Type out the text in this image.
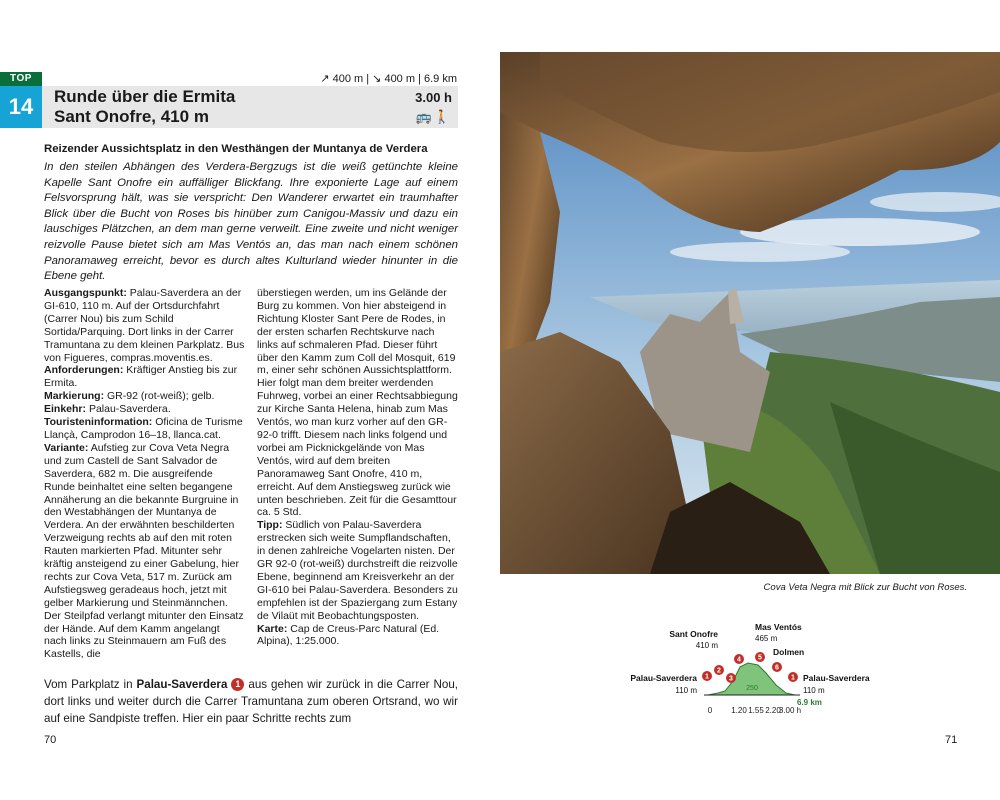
TOP
14
↗ 400 m | ↘ 400 m | 6.9 km
Runde über die Ermita
Sant Onofre, 410 m
3.00 h
🚌🚶
Reizender Aussichtsplatz in den Westhängen der Muntanya de Verdera
In den steilen Abhängen des Verdera-Bergzugs ist die weiß getünchte kleine Kapelle Sant Onofre ein auffälliger Blickfang. Ihre exponierte Lage auf einem Felsvorsprung hält, was sie verspricht: Den Wanderer erwartet ein traumhafter Blick über die Bucht von Roses bis hinüber zum Canigou-Massiv und dazu ein lauschiges Plätzchen, an dem man gerne verweilt. Eine zweite und nicht weniger reizvolle Pause bietet sich am Mas Ventós an, das man nach einem schönen Panoramaweg erreicht, bevor es durch altes Kulturland wieder hinunter in die Ebene geht.

Ausgangspunkt: Palau-Saverdera an der GI-610, 110 m. Auf der Ortsdurchfahrt (Carrer Nou) bis zum Schild Sortida/Parquing. Dort links in der Carrer Tramuntana zu dem kleinen Parkplatz. Bus von Figueres, compras.moventis.es.

Anforderungen: Kräftiger Anstieg bis zur Ermita.

Markierung: GR-92 (rot-weiß); gelb.

Einkehr: Palau-Saverdera.

Touristeninformation: Oficina de Turisme Llançà, Camprodon 16–18, llanca.cat.

Variante: Aufstieg zur Cova Veta Negra und zum Castell de Sant Salvador de Saverdera, 682 m. Die ausgreifende Runde beinhaltet eine selten begangene Annäherung an die bekannte Burgruine in den Westabhängen der Muntanya de Verdera. An der erwähnten beschilderten Verzweigung rechts ab auf den mit roten Rauten markierten Pfad. Mitunter sehr kräftig ansteigend zu einer Gabelung, hier rechts zur Cova Veta, 517 m. Zurück am Aufstiegsweg geradeaus hoch, jetzt mit gelber Markierung und Steinmännchen. Der Steilpfad verlangt mitunter den Einsatz der Hände. Auf dem Kamm angelangt nach links zu Steinmauern am Fuß des Kastells, die

überstiegen werden, um ins Gelände der Burg zu kommen. Von hier absteigend in Richtung Kloster Sant Pere de Rodes, in der ersten scharfen Rechtskurve nach links auf schmaleren Pfad. Dieser führt über den Kamm zum Coll del Mosquit, 619 m, einer sehr schönen Aussichtsplattform. Hier folgt man dem breiter werdenden Fuhrweg, vorbei an einer Rechtsabbiegung zur Kirche Santa Helena, hinab zum Mas Ventós, wo man kurz vorher auf den GR-92-0 trifft. Diesem nach links folgend und vorbei am Picknickgelände von Mas Ventós, wird auf dem breiten Panoramaweg Sant Onofre, 410 m, erreicht. Auf dem Anstiegsweg zurück wie unten beschrieben. Zeit für die Gesamttour ca. 5 Std.

Tipp: Südlich von Palau-Saverdera erstrecken sich weite Sumpflandschaften, in denen zahlreiche Vogelarten nisten. Der GR 92-0 (rot-weiß) durchstreift die reizvolle Ebene, beginnend am Kreisverkehr an der GI-610 bei Palau-Saverdera. Besonders zu empfehlen ist der Spaziergang zum Estany de Vilaüt mit Beobachtungsposten.

Karte: Cap de Creus-Parc Natural (Ed. Alpina), 1:25.000.

Vom Parkplatz in Palau-Saverdera 1 aus gehen wir zurück in die Carrer Nou, dort links und weiter durch die Carrer Tramuntana zum oberen Ortsrand, wo wir auf eine Sandpiste treffen. Hier ein paar Schritte rechts zum
70	71
Cova Veta Negra mit Blick zur Bucht von Roses.
250
0 1.20 1.55 2.20
3.00 h
1
2
3
4 5
6
1
Palau-Saverdera	Palau-Saverdera
Sant Onofre
Mas Ventós
Dolmen
110 m	110 m
410 m
465 m
6.9 km
